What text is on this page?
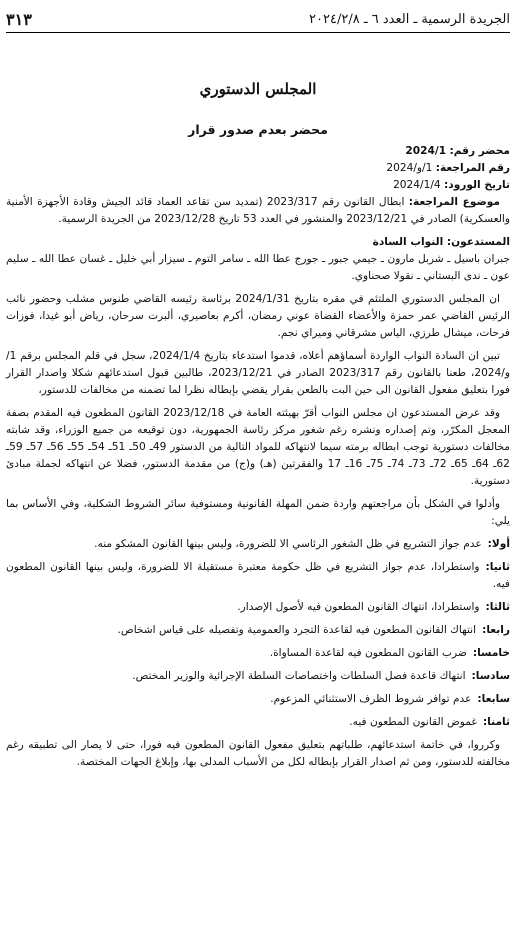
الجريدة الرسمية ـ العدد ٦ ـ ٢٠٢٤/٢/٨
٣١٣
المجلس الدستوري
محضر بعدم صدور قرار

محضر رقم: 2024/1

رقم المراجعة: 1/و/2024

تاريخ الورود: 2024/1/4

موضوع المراجعة: ابطال القانون رقم 2023/317 (تمديد سن تقاعد العماد قائد الجيش وقادة الأجهزة الأمنية والعسكرية) الصادر في 2023/12/21 والمنشور في العدد 53 تاريخ 2023/12/28 من الجريدة الرسمية.

المستدعون: النواب السادة

جبران باسيل ـ شربل مارون ـ جيمي جبور ـ جورج عطا الله ـ سامر التوم ـ سيزار أبي خليل ـ غسان عطا الله ـ سليم عون ـ ندى البستاني ـ نقولا صحناوي.

ان المجلس الدستوري الملتئم في مقره بتاريخ 2024/1/31 برئاسة رئيسه القاضي طنوس مشلب وحضور نائب الرئيس القاضي عمر حمزة والأعضاء القضاة عوني رمضان، أكرم بعاصيري، ألبرت سرحان، رياض أبو غيدا، فوزات فرحات، ميشال طرزي، الياس مشرقاني وميراي نجم.

تبين ان السادة النواب الواردة أسماؤهم أعلاه، قدموا استدعاء بتاريخ 2024/1/4، سجل في قلم المجلس برقم 1/و/2024، طعنا بالقانون رقم 2023/317 الصادر في 2023/12/21، طالبين قبول استدعائهم شكلا واصدار القرار فورا بتعليق مفعول القانون الى حين البت بالطعن بقرار يقضي بإبطاله نظرا لما تضمنه من مخالفات للدستور،

وقد عرض المستدعون ان مجلس النواب أقرّ بهيئته العامة في 2023/12/18 القانون المطعون فيه المقدم بصفة المعجل المكرّر، وتم إصداره ونشره رغم شغور مركز رئاسة الجمهورية، دون توقيعه من جميع الوزراء، وقد شابته مخالفات دستورية توجب ابطاله برمته سيما لانتهاكه للمواد التالية من الدستور 49ـ 50ـ 51ـ 54ـ 55ـ 56ـ 57ـ 59ـ 62ـ 64ـ 65ـ 72ـ 73ـ 74ـ 75ـ 16ـ 17 والفقرتين (هـ) و(ج) من مقدمة الدستور، فضلا عن انتهاكه لجملة مبادئ دستورية.

وأدلوا في الشكل بأن مراجعتهم واردة ضمن المهلة القانونية ومستوفية سائر الشروط الشكلية، وفي الأساس بما يلي:

أولا:عدم جواز التشريع في ظل الشغور الرئاسي الا للضرورة، وليس بينها القانون المشكو منه.

ثانيا:واستطرادا، عدم جواز التشريع في ظل حكومة معتبرة مستقيلة الا للضرورة، وليس بينها القانون المطعون فيه.

ثالثا:واستطرادا، انتهاك القانون المطعون فيه لأصول الإصدار.

رابعا:انتهاك القانون المطعون فيه لقاعدة التجرد والعمومية وتفصيله على قياس اشخاص.

خامسا:ضرب القانون المطعون فيه لقاعدة المساواة.

سادسا:انتهاك قاعدة فصل السلطات واختصاصات السلطة الإجرائية والوزير المختص.

سابعا:عدم توافر شروط الظرف الاستثنائي المزعوم.

ثامنا:غموض القانون المطعون فيه.

وكرروا، في خاتمة استدعائهم، طلباتهم بتعليق مفعول القانون المطعون فيه فورا، حتى لا يصار الى تطبيقه رغم مخالفته للدستور، ومن ثم اصدار القرار بإبطاله لكل من الأسباب المدلى بها، وإبلاغ الجهات المختصة.
